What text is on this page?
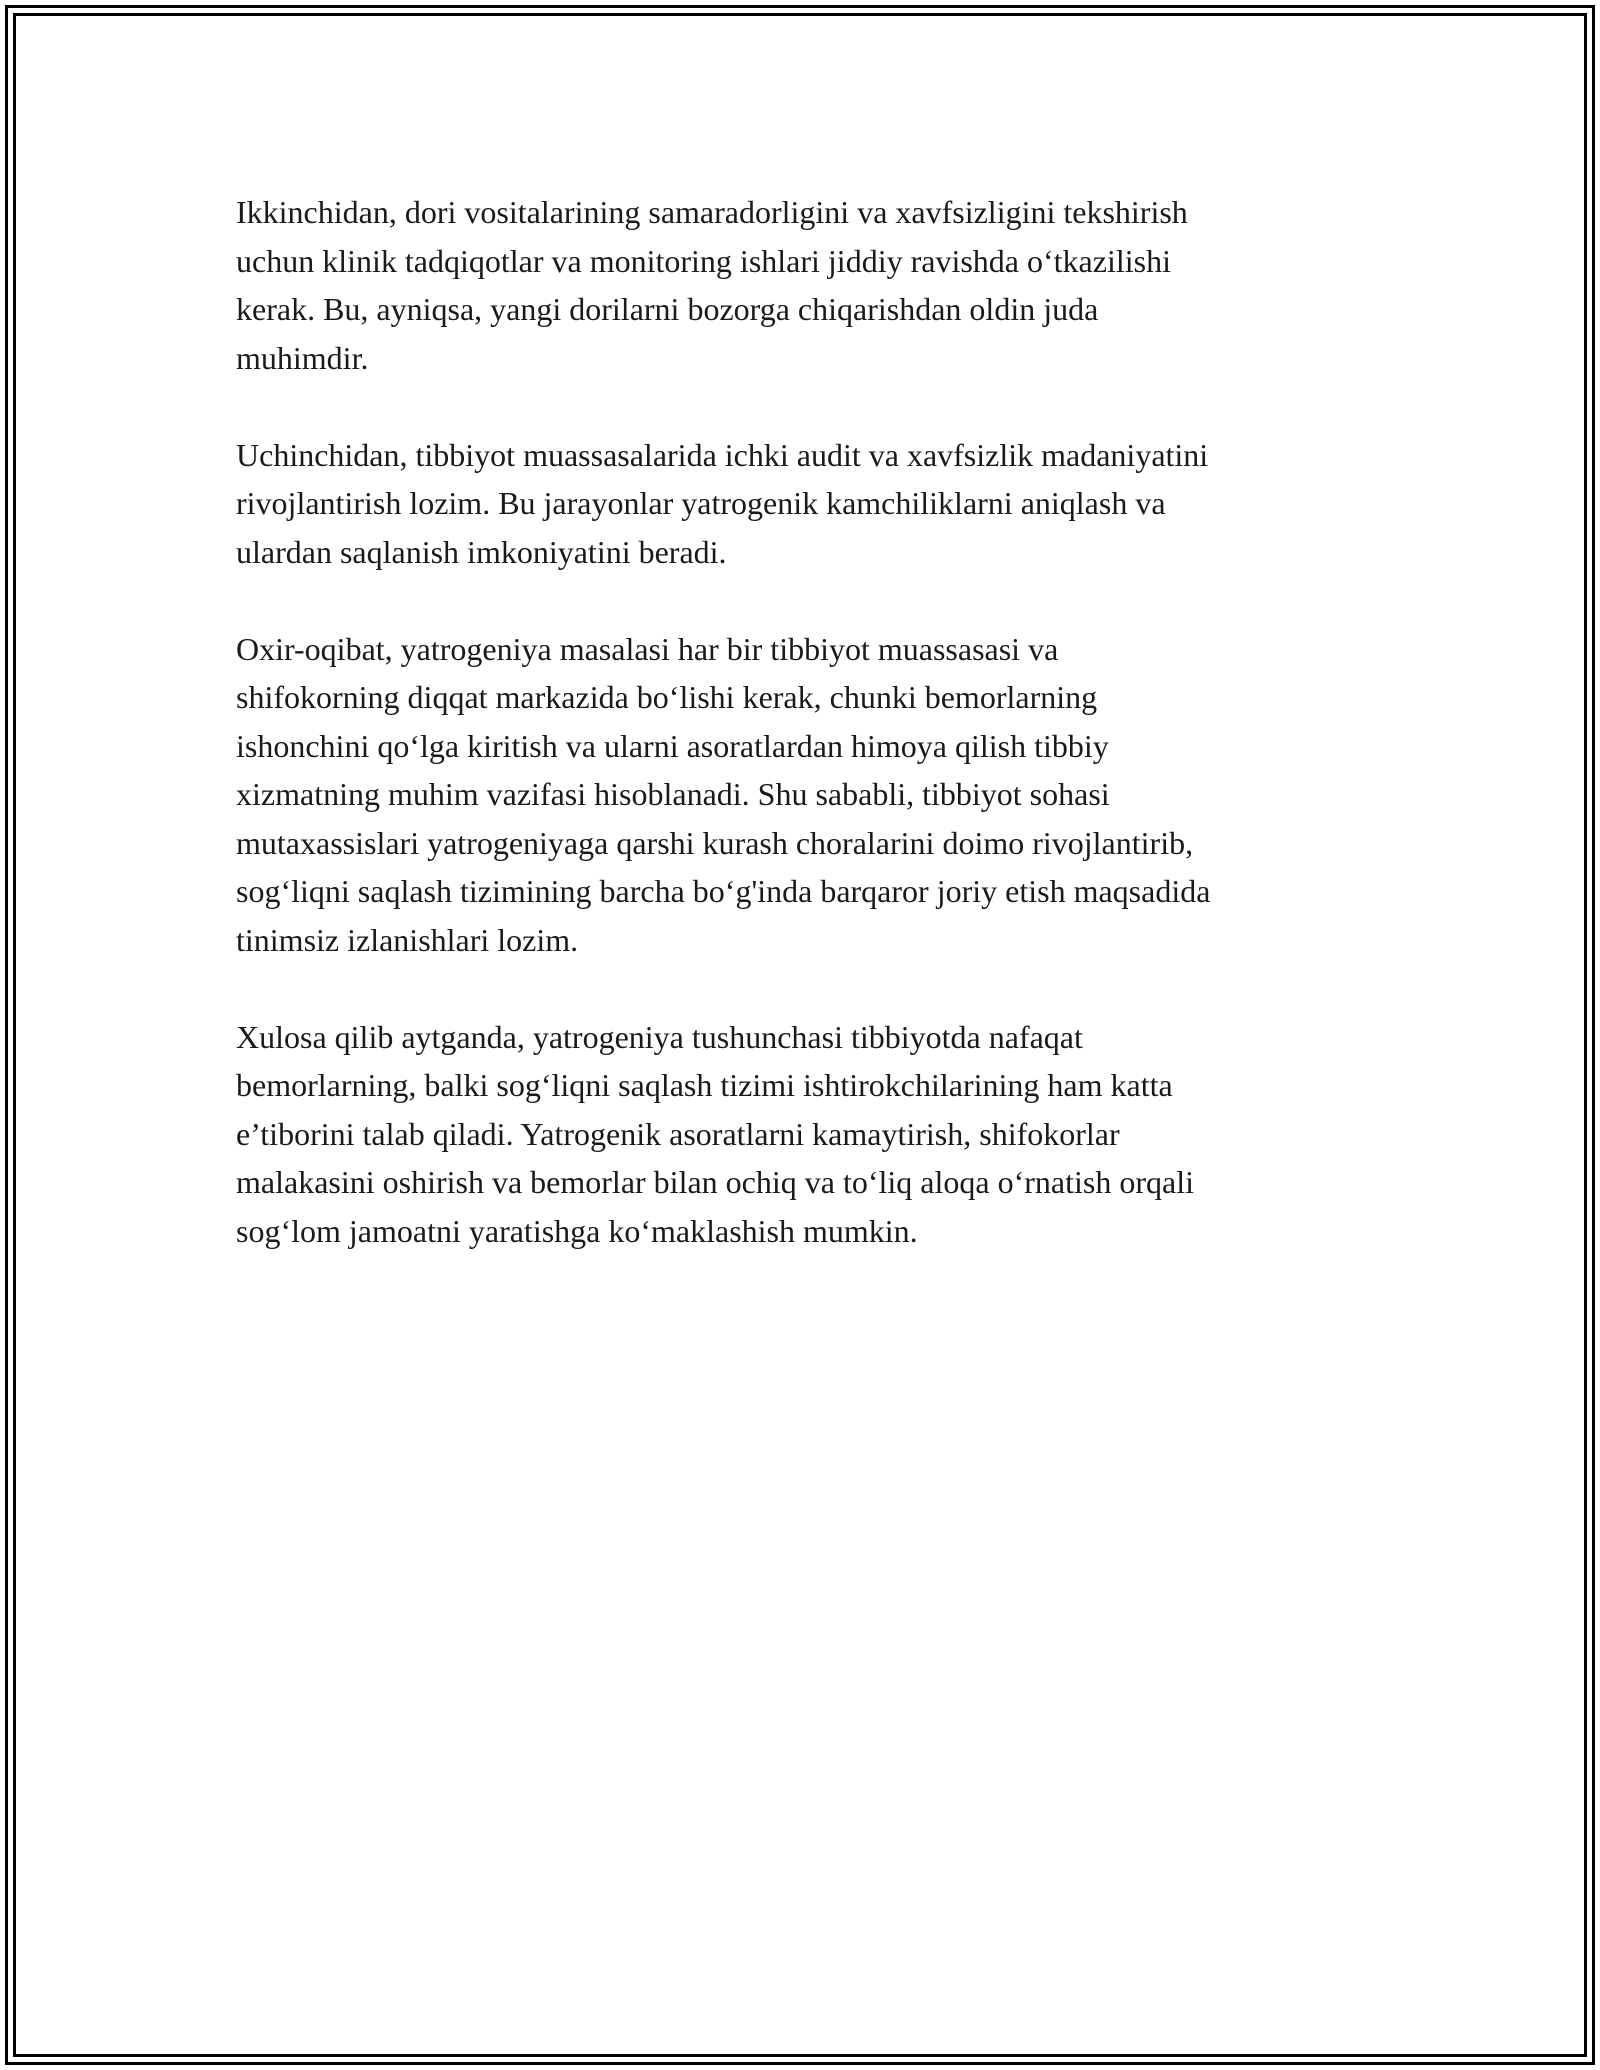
Ikkinchidan, dori vositalarining samaradorligini va xavfsizligini tekshirish
uchun klinik tadqiqotlar va monitoring ishlari jiddiy ravishda o‘tkazilishi
kerak. Bu, ayniqsa, yangi dorilarni bozorga chiqarishdan oldin juda
muhimdir.

Uchinchidan, tibbiyot muassasalarida ichki audit va xavfsizlik madaniyatini
rivojlantirish lozim. Bu jarayonlar yatrogenik kamchiliklarni aniqlash va
ulardan saqlanish imkoniyatini beradi.

Oxir-oqibat, yatrogeniya masalasi har bir tibbiyot muassasasi va
shifokorning diqqat markazida bo‘lishi kerak, chunki bemorlarning
ishonchini qo‘lga kiritish va ularni asoratlardan himoya qilish tibbiy
xizmatning muhim vazifasi hisoblanadi. Shu sababli, tibbiyot sohasi
mutaxassislari yatrogeniyaga qarshi kurash choralarini doimo rivojlantirib,
sog‘liqni saqlash tizimining barcha bo‘g'inda barqaror joriy etish maqsadida
tinimsiz izlanishlari lozim.

Xulosa qilib aytganda, yatrogeniya tushunchasi tibbiyotda nafaqat
bemorlarning, balki sog‘liqni saqlash tizimi ishtirokchilarining ham katta
e’tiborini talab qiladi. Yatrogenik asoratlarni kamaytirish, shifokorlar
malakasini oshirish va bemorlar bilan ochiq va to‘liq aloqa o‘rnatish orqali
sog‘lom jamoatni yaratishga ko‘maklashish mumkin.
